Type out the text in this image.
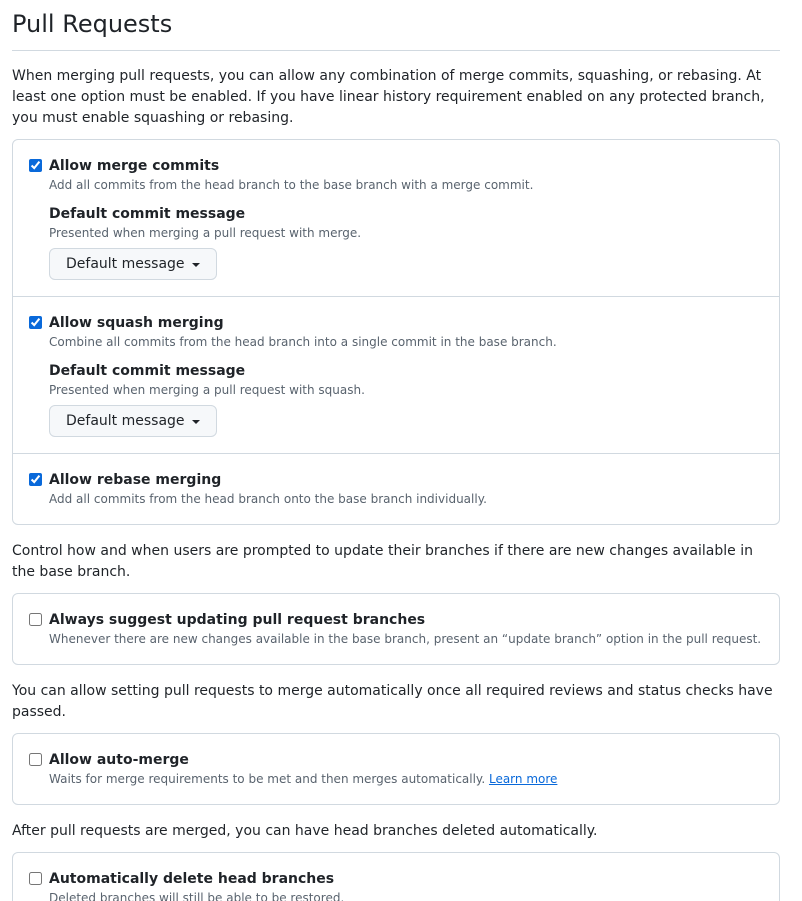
Pull Requests

When merging pull requests, you can allow any combination of merge commits, squashing, or rebasing. At least one option must be enabled. If you have linear history requirement enabled on any protected branch, you must enable squashing or rebasing.

Allow merge commits
Add all commits from the head branch to the base branch with a merge commit.
Default commit message
Presented when merging a pull request with merge.
Default message
Allow squash merging
Combine all commits from the head branch into a single commit in the base branch.
Default commit message
Presented when merging a pull request with squash.
Default message
Allow rebase merging
Add all commits from the head branch onto the base branch individually.

Control how and when users are prompted to update their branches if there are new changes available in the base branch.

Always suggest updating pull request branches
Whenever there are new changes available in the base branch, present an “update branch” option in the pull request.

You can allow setting pull requests to merge automatically once all required reviews and status checks have passed.

Allow auto-merge
Waits for merge requirements to be met and then merges automatically. Learn more

After pull requests are merged, you can have head branches deleted automatically.

Automatically delete head branches
Deleted branches will still be able to be restored.
